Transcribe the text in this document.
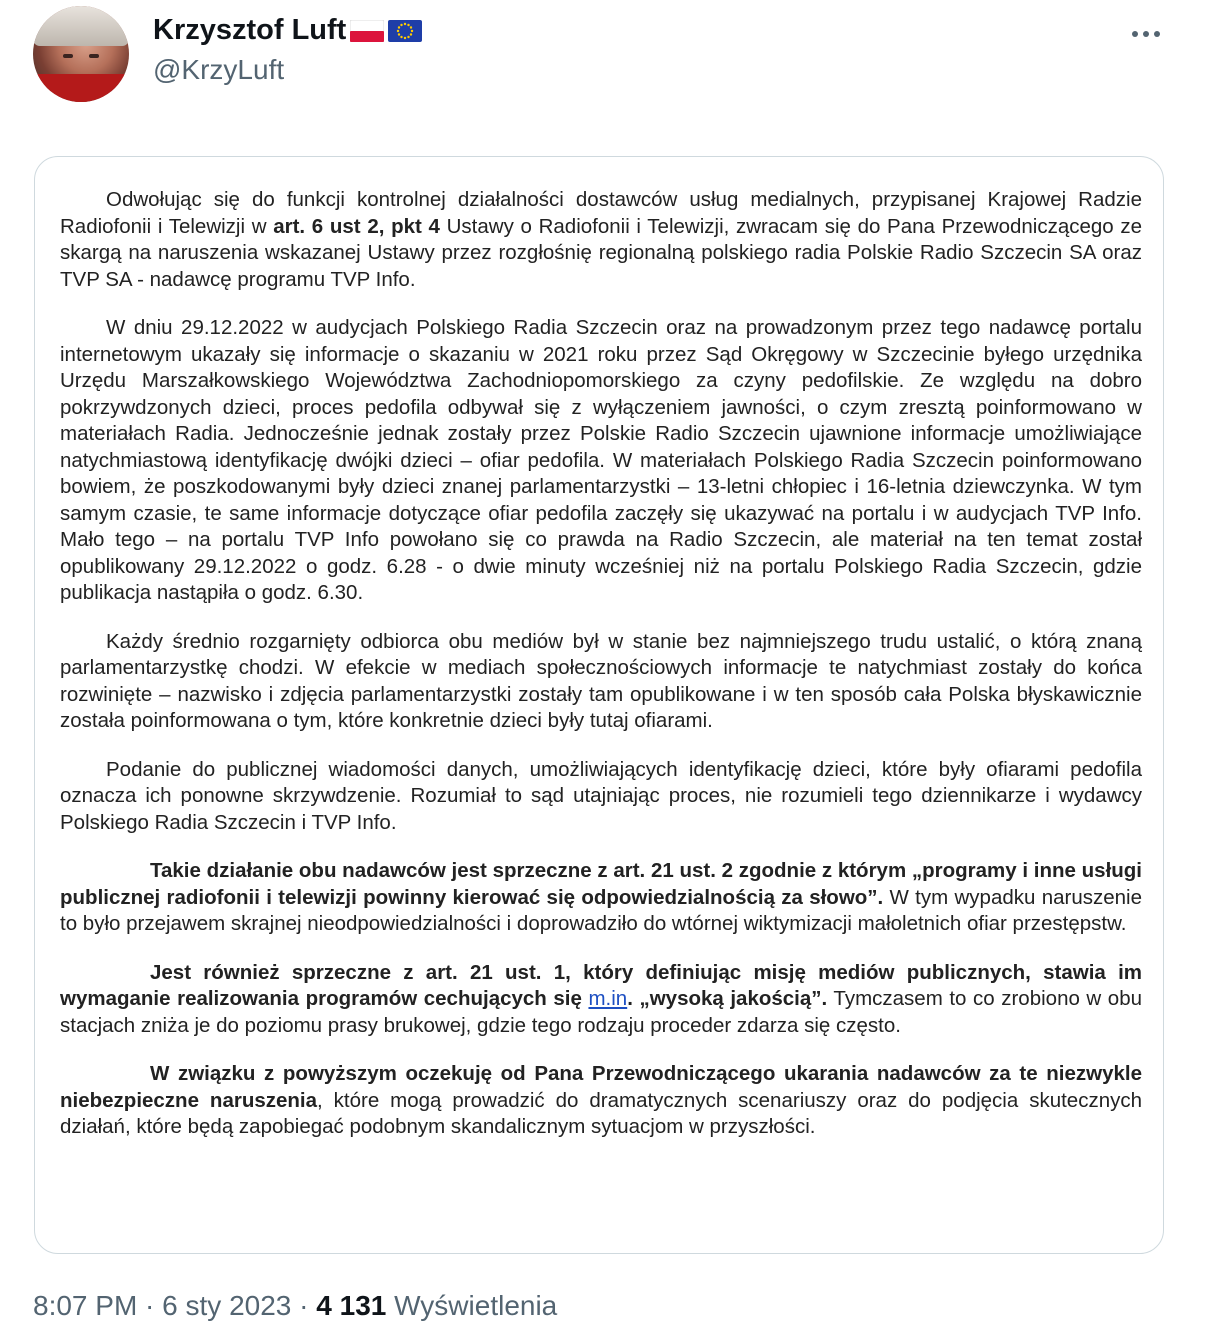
Krzysztof Luft
@KrzyLuft

Odwołując się do funkcji kontrolnej działalności dostawców usług medialnych, przypisanej Krajowej Radzie Radiofonii i Telewizji w art. 6 ust 2, pkt 4 Ustawy o Radiofonii i Telewizji, zwracam się do Pana Przewodniczącego ze skargą na naruszenia wskazanej Ustawy przez rozgłośnię regionalną polskiego radia Polskie Radio Szczecin SA oraz TVP SA - nadawcę programu TVP Info.

W dniu 29.12.2022 w audycjach Polskiego Radia Szczecin oraz na prowadzonym przez tego nadawcę portalu internetowym ukazały się informacje o skazaniu w 2021 roku przez Sąd Okręgowy w Szczecinie byłego urzędnika Urzędu Marszałkowskiego Województwa Zachodniopomorskiego za czyny pedofilskie. Ze względu na dobro pokrzywdzonych dzieci, proces pedofila odbywał się z wyłączeniem jawności, o czym zresztą poinformowano w materiałach Radia. Jednocześnie jednak zostały przez Polskie Radio Szczecin ujawnione informacje umożliwiające natychmiastową identyfikację dwójki dzieci – ofiar pedofila. W materiałach Polskiego Radia Szczecin poinformowano bowiem, że poszkodowanymi były dzieci znanej parlamentarzystki – 13-letni chłopiec i 16-letnia dziewczynka. W tym samym czasie, te same informacje dotyczące ofiar pedofila zaczęły się ukazywać na portalu i w audycjach TVP Info. Mało tego – na portalu TVP Info powołano się co prawda na Radio Szczecin, ale materiał na ten temat został opublikowany 29.12.2022 o godz. 6.28 - o dwie minuty wcześniej niż na portalu Polskiego Radia Szczecin, gdzie publikacja nastąpiła o godz. 6.30.

Każdy średnio rozgarnięty odbiorca obu mediów był w stanie bez najmniejszego trudu ustalić, o którą znaną parlamentarzystkę chodzi. W efekcie w mediach społecznościowych informacje te natychmiast zostały do końca rozwinięte – nazwisko i zdjęcia parlamentarzystki zostały tam opublikowane i w ten sposób cała Polska błyskawicznie została poinformowana o tym, które konkretnie dzieci były tutaj ofiarami.

Podanie do publicznej wiadomości danych, umożliwiających identyfikację dzieci, które były ofiarami pedofila oznacza ich ponowne skrzywdzenie. Rozumiał to sąd utajniając proces, nie rozumieli tego dziennikarze i wydawcy Polskiego Radia Szczecin i TVP Info.

Takie działanie obu nadawców jest sprzeczne z art. 21 ust. 2 zgodnie z którym „programy i inne usługi publicznej radiofonii i telewizji powinny kierować się odpowiedzialnością za słowo”. W tym wypadku naruszenie to było przejawem skrajnej nieodpowiedzialności i doprowadziło do wtórnej wiktymizacji małoletnich ofiar przestępstw.

Jest również sprzeczne z art. 21 ust. 1, który definiując misję mediów publicznych, stawia im wymaganie realizowania programów cechujących się m.in. „wysoką jakością”. Tymczasem to co zrobiono w obu stacjach zniża je do poziomu prasy brukowej, gdzie tego rodzaju proceder zdarza się często.

W związku z powyższym oczekuję od Pana Przewodniczącego ukarania nadawców za te niezwykle niebezpieczne naruszenia, które mogą prowadzić do dramatycznych scenariuszy oraz do podjęcia skutecznych działań, które będą zapobiegać podobnym skandalicznym sytuacjom w przyszłości.

8:07 PM · 6 sty 2023 · 4 131 Wyświetlenia
